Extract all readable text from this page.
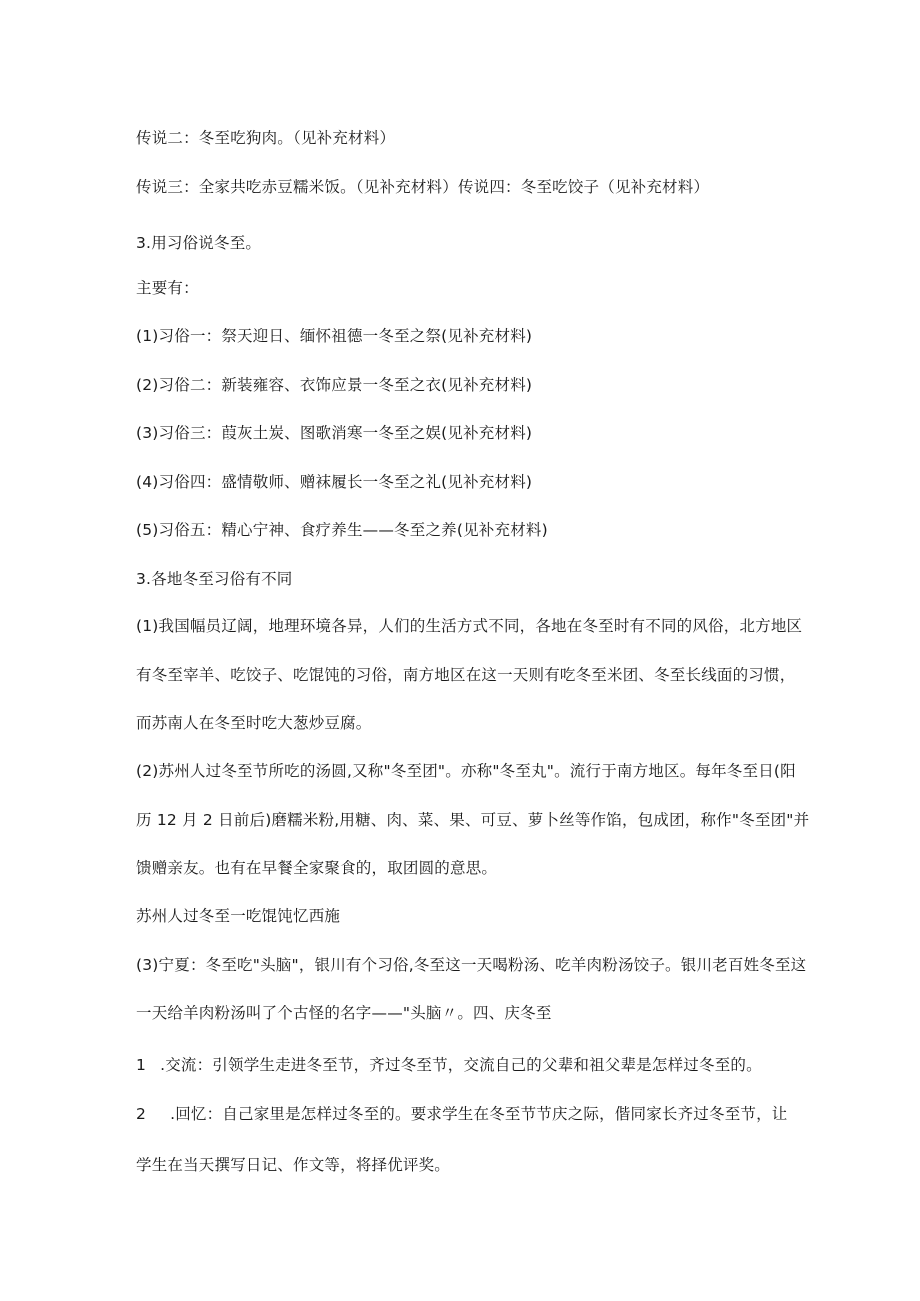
传说二：冬至吃狗肉。（见补充材料）
传说三：全家共吃赤豆糯米饭。（见补充材料）传说四：冬至吃饺子（见补充材料）
3.用习俗说冬至。
主要有：
(1)习俗一：祭天迎日、缅怀祖德一冬至之祭(见补充材料)
(2)习俗二：新装雍容、衣饰应景一冬至之衣(见补充材料)
(3)习俗三：葭灰土炭、图歌消寒一冬至之娱(见补充材料)
(4)习俗四：盛情敬师、赠袜履长一冬至之礼(见补充材料)
(5)习俗五：精心宁神、食疗养生——冬至之养(见补充材料)
3.各地冬至习俗有不同
(1)我国幅员辽阔，地理环境各异，人们的生活方式不同，各地在冬至时有不同的风俗，北方地区
有冬至宰羊、吃饺子、吃馄饨的习俗，南方地区在这一天则有吃冬至米团、冬至长线面的习惯，
而苏南人在冬至时吃大葱炒豆腐。
(2)苏州人过冬至节所吃的汤圆,又称"冬至团"。亦称"冬至丸"。流行于南方地区。每年冬至日(阳
历 12 月 2 日前后)磨糯米粉,用糖、肉、菜、果、可豆、萝卜丝等作馅，包成团，称作"冬至团"并
馈赠亲友。也有在早餐全家聚食的，取团圆的意思。
苏州人过冬至一吃馄饨忆西施
(3)宁夏：冬至吃"头脑"，银川有个习俗,冬至这一天喝粉汤、吃羊肉粉汤饺子。银川老百姓冬至这
一天给羊肉粉汤叫了个古怪的名字——"头脑〃。四、庆冬至
1 .交流：引领学生走进冬至节，齐过冬至节，交流自己的父辈和祖父辈是怎样过冬至的。
2 .回忆：自己家里是怎样过冬至的。要求学生在冬至节节庆之际，偕同家长齐过冬至节，让
学生在当天撰写日记、作文等，将择优评奖。
